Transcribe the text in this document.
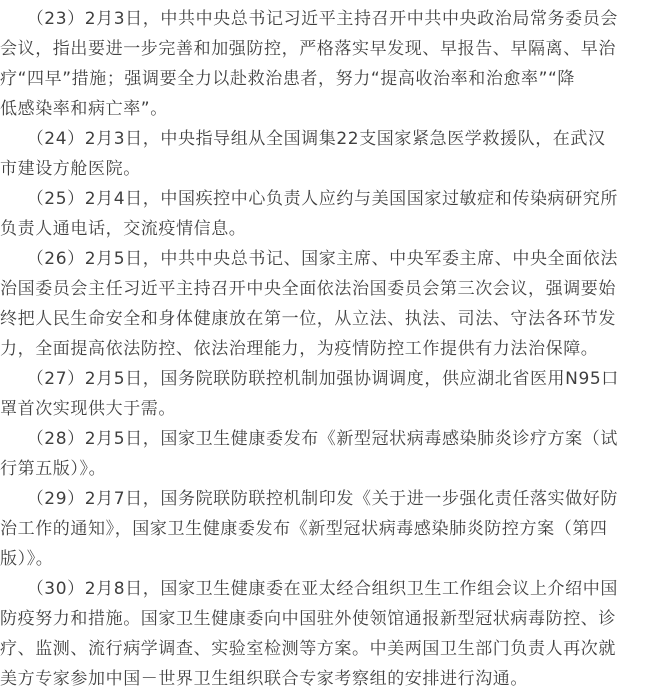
　　（23）2月3日，中共中央总书记习近平主持召开中共中央政治局常务委员会
会议，指出要进一步完善和加强防控，严格落实早发现、早报告、早隔离、早治
疗“四早”措施；强调要全力以赴救治患者，努力“提高收治率和治愈率”“降
低感染率和病亡率”。
　　（24）2月3日，中央指导组从全国调集22支国家紧急医学救援队，在武汉
市建设方舱医院。
　　（25）2月4日，中国疾控中心负责人应约与美国国家过敏症和传染病研究所
负责人通电话，交流疫情信息。
　　（26）2月5日，中共中央总书记、国家主席、中央军委主席、中央全面依法
治国委员会主任习近平主持召开中央全面依法治国委员会第三次会议，强调要始
终把人民生命安全和身体健康放在第一位，从立法、执法、司法、守法各环节发
力，全面提高依法防控、依法治理能力，为疫情防控工作提供有力法治保障。
　　（27）2月5日，国务院联防联控机制加强协调调度，供应湖北省医用N95口
罩首次实现供大于需。
　　（28）2月5日，国家卫生健康委发布《新型冠状病毒感染肺炎诊疗方案（试
行第五版）》。
　　（29）2月7日，国务院联防联控机制印发《关于进一步强化责任落实做好防
治工作的通知》，国家卫生健康委发布《新型冠状病毒感染肺炎防控方案（第四
版）》。
　　（30）2月8日，国家卫生健康委在亚太经合组织卫生工作组会议上介绍中国
防疫努力和措施。国家卫生健康委向中国驻外使领馆通报新型冠状病毒防控、诊
疗、监测、流行病学调查、实验室检测等方案。中美两国卫生部门负责人再次就
美方专家参加中国－世界卫生组织联合专家考察组的安排进行沟通。
